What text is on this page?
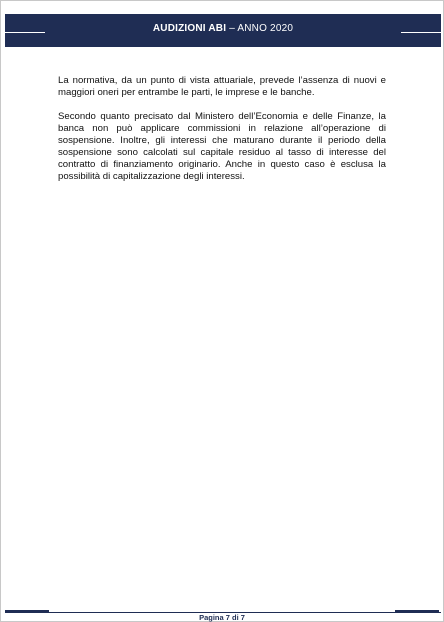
AUDIZIONI ABI – ANNO 2020

La normativa, da un punto di vista attuariale, prevede l’assenza di nuovi e maggiori oneri per entrambe le parti, le imprese e le banche.

Secondo quanto precisato dal Ministero dell’Economia e delle Finanze, la banca non può applicare commissioni in relazione all’operazione di sospensione. Inoltre, gli interessi che maturano durante il periodo della sospensione sono calcolati sul capitale residuo al tasso di interesse del contratto di finanziamento originario. Anche in questo caso è esclusa la possibilità di capitalizzazione degli interessi.

Pagina 7 di 7
